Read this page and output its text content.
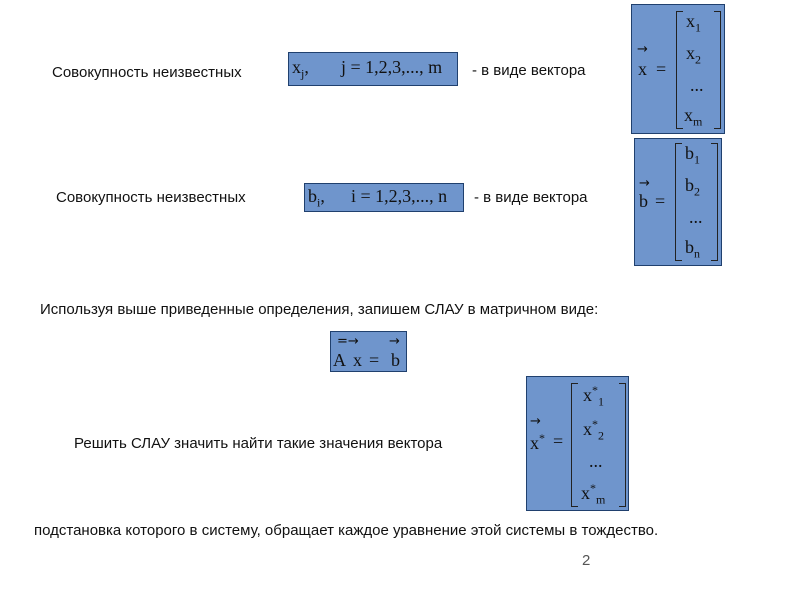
Совокупность неизвестных	$x_j$, j = 1,2,3,..., m - в виде вектора
→
x =
$x_1$
$x_2$
...
$x_m$
Совокупность неизвестных	$b_i$, i = 1,2,3,..., n - в виде вектора
→
b =
$b_1$
$b_2$
...
$b_n$
Используя выше приведенные определения, запишем СЛАУ в матричном виде:
=→ →
A x = b
Решить СЛАУ значить найти такие значения вектора
→
x* =
$x^*_1$
$x^*_2$
...
$x^*_m$
подстановка которого в систему, обращает каждое уравнение этой системы в тождество.
2
